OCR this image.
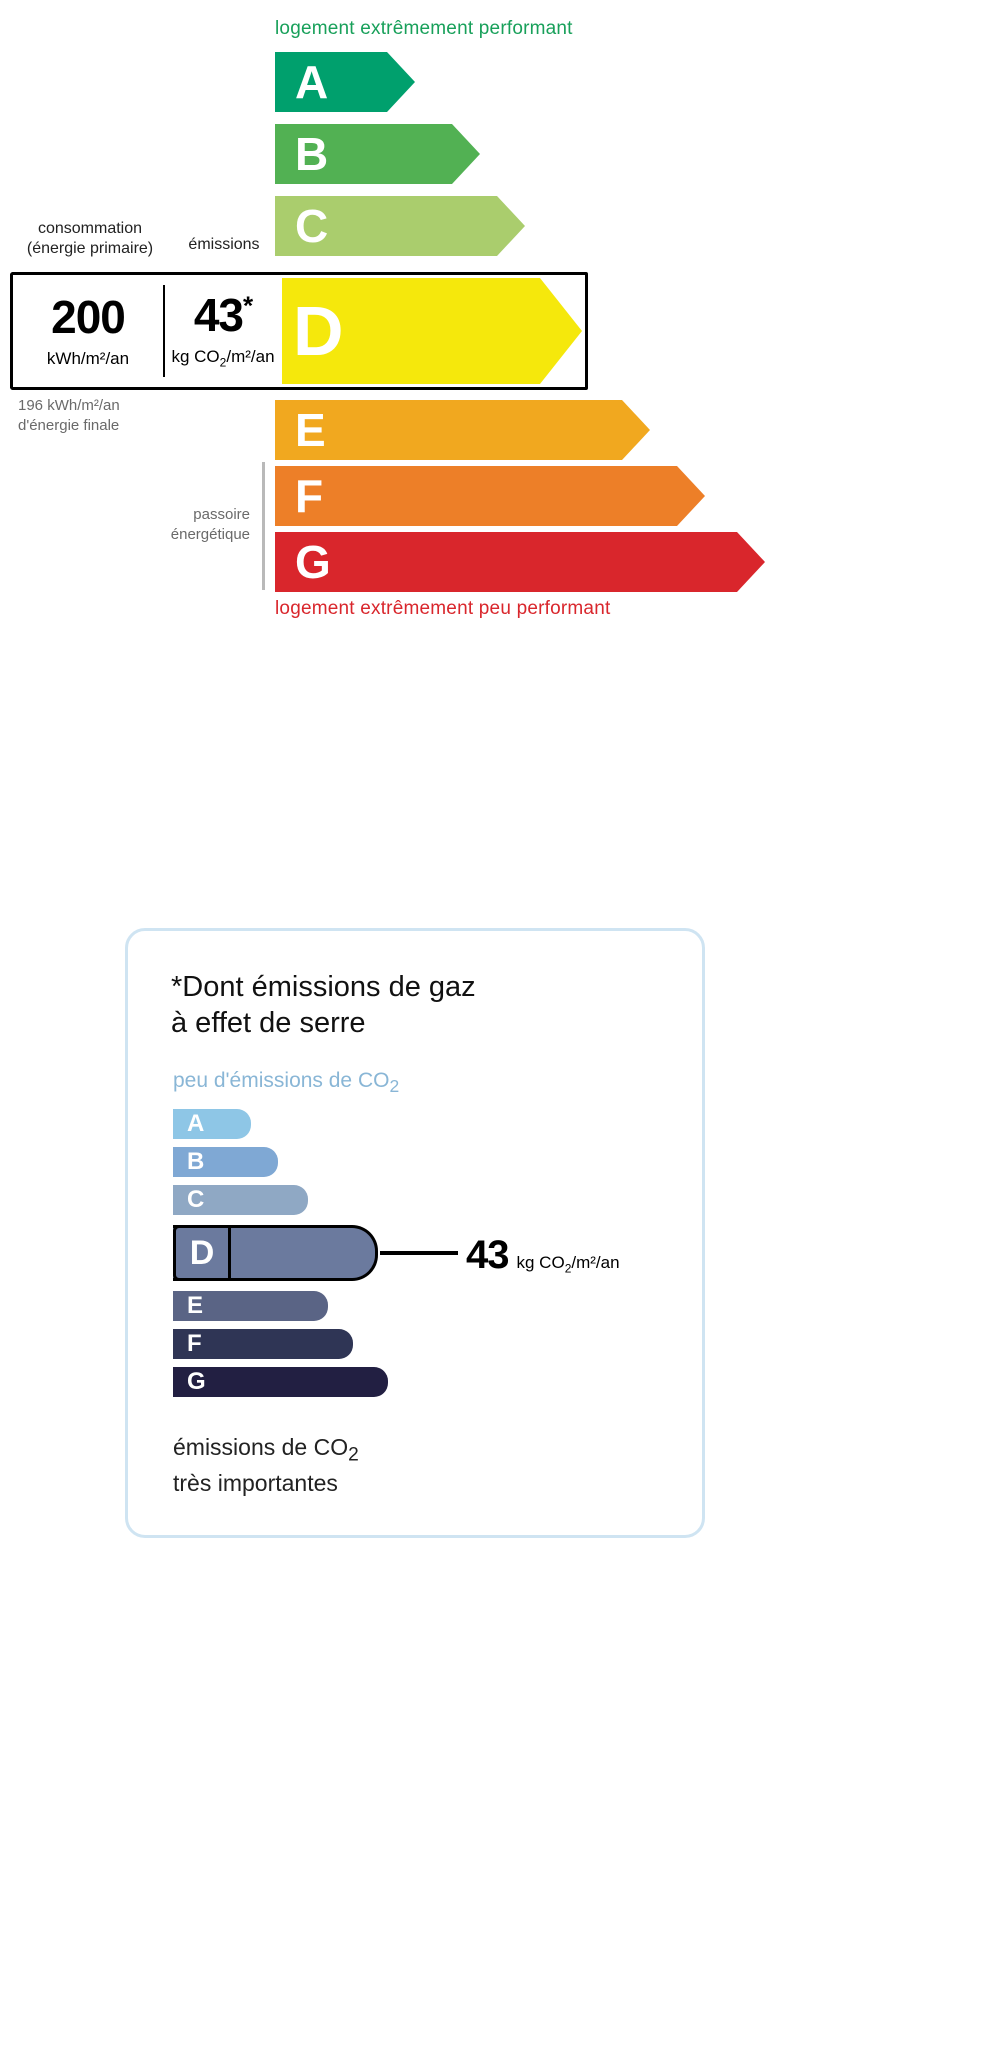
logement extrêmement performant
A
B
C
D
E
F
G
passoire
énergétique
logement extrêmement peu performant
consommation
(énergie primaire)	émissions
200
kWh/m²/an
43*
kg $CO_2/m^2/an$
196 kWh/m²/an
d'énergie finale
*Dont émissions de gaz
à effet de serre
peu d'émissions de $CO_2$
A
B
C
D	43 kg $CO_2/m^2/an$
E
F
G
émissions de $CO_2$
très importantes
